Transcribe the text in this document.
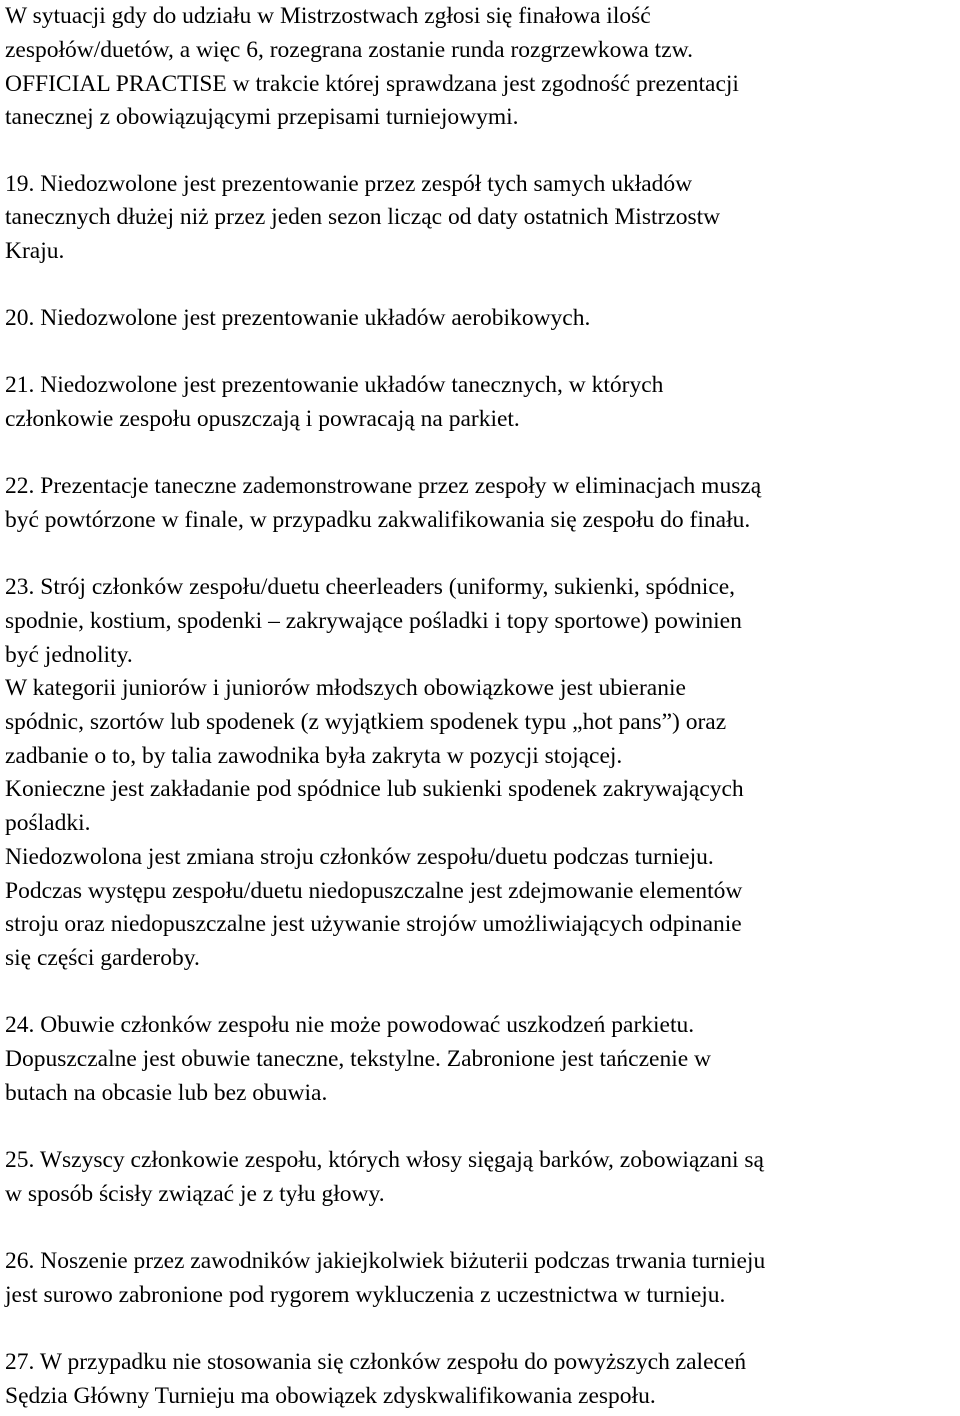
W sytuacji gdy do udziału w Mistrzostwach zgłosi się finałowa ilość
zespołów/duetów, a więc 6, rozegrana zostanie runda rozgrzewkowa tzw.
OFFICIAL PRACTISE w trakcie której sprawdzana jest zgodność prezentacji
tanecznej z obowiązującymi przepisami turniejowymi.
19. Niedozwolone jest prezentowanie przez zespół tych samych układów
tanecznych dłużej niż przez jeden sezon licząc od daty ostatnich Mistrzostw
Kraju.
20. Niedozwolone jest prezentowanie układów aerobikowych.
21. Niedozwolone jest prezentowanie układów tanecznych, w których
członkowie zespołu opuszczają i powracają na parkiet.
22. Prezentacje taneczne zademonstrowane przez zespoły w eliminacjach muszą
być powtórzone w finale, w przypadku zakwalifikowania się zespołu do finału.
23. Strój członków zespołu/duetu cheerleaders (uniformy, sukienki, spódnice,
spodnie, kostium, spodenki – zakrywające pośladki i topy sportowe) powinien
być jednolity.
W kategorii juniorów i juniorów młodszych obowiązkowe jest ubieranie
spódnic, szortów lub spodenek (z wyjątkiem spodenek typu „hot pans”) oraz
zadbanie o to, by talia zawodnika była zakryta w pozycji stojącej.
Konieczne jest zakładanie pod spódnice lub sukienki spodenek zakrywających
pośladki.
Niedozwolona jest zmiana stroju członków zespołu/duetu podczas turnieju.
Podczas występu zespołu/duetu niedopuszczalne jest zdejmowanie elementów
stroju oraz niedopuszczalne jest używanie strojów umożliwiających odpinanie
się części garderoby.
24. Obuwie członków zespołu nie może powodować uszkodzeń parkietu.
Dopuszczalne jest obuwie taneczne, tekstylne. Zabronione jest tańczenie w
butach na obcasie lub bez obuwia.
25. Wszyscy członkowie zespołu, których włosy sięgają barków, zobowiązani są
w sposób ścisły związać je z tyłu głowy.
26. Noszenie przez zawodników jakiejkolwiek biżuterii podczas trwania turnieju
jest surowo zabronione pod rygorem wykluczenia z uczestnictwa w turnieju.
27. W przypadku nie stosowania się członków zespołu do powyższych zaleceń
Sędzia Główny Turnieju ma obowiązek zdyskwalifikowania zespołu.
